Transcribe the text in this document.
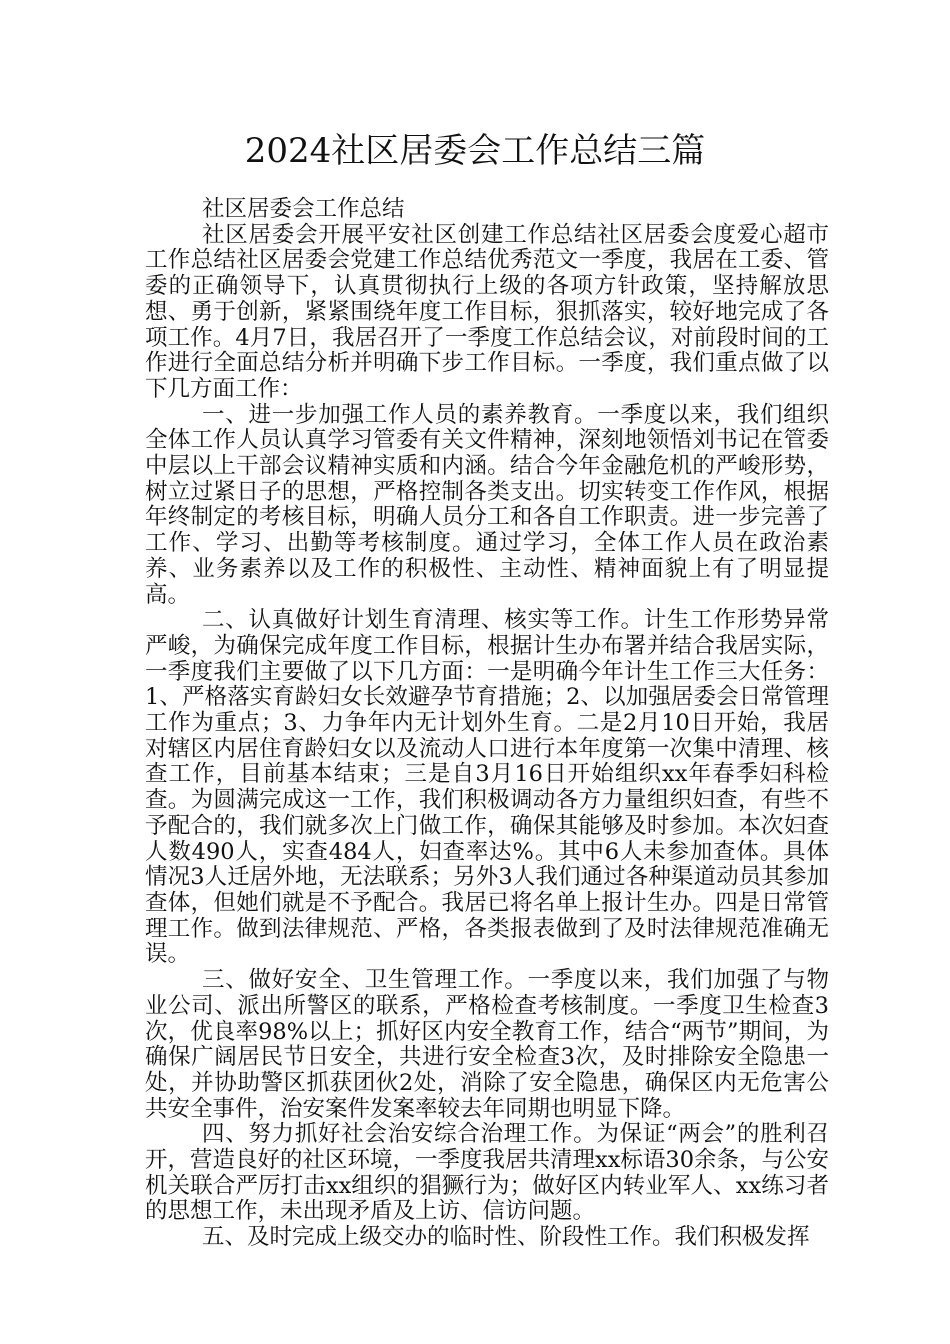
2024社区居委会工作总结三篇

社区居委会工作总结

社区居委会开展平安社区创建工作总结社区居委会度爱心超市工作总结社区居委会党建工作总结优秀范文一季度，我居在工委、管委的正确领导下，认真贯彻执行上级的各项方针政策，坚持解放思想、勇于创新，紧紧围绕年度工作目标，狠抓落实，较好地完成了各项工作。4月7日，我居召开了一季度工作总结会议，对前段时间的工作进行全面总结分析并明确下步工作目标。一季度，我们重点做了以下几方面工作：

一、进一步加强工作人员的素养教育。一季度以来，我们组织全体工作人员认真学习管委有关文件精神，深刻地领悟刘书记在管委中层以上干部会议精神实质和内涵。结合今年金融危机的严峻形势，树立过紧日子的思想，严格控制各类支出。切实转变工作作风，根据年终制定的考核目标，明确人员分工和各自工作职责。进一步完善了工作、学习、出勤等考核制度。通过学习，全体工作人员在政治素养、业务素养以及工作的积极性、主动性、精神面貌上有了明显提高。

二、认真做好计划生育清理、核实等工作。计生工作形势异常严峻，为确保完成年度工作目标，根据计生办布署并结合我居实际，一季度我们主要做了以下几方面：一是明确今年计生工作三大任务：1、严格落实育龄妇女长效避孕节育措施；2、以加强居委会日常管理工作为重点；3、力争年内无计划外生育。二是2月10日开始，我居对辖区内居住育龄妇女以及流动人口进行本年度第一次集中清理、核查工作，目前基本结束；三是自3月16日开始组织xx年春季妇科检查。为圆满完成这一工作，我们积极调动各方力量组织妇查，有些不予配合的，我们就多次上门做工作，确保其能够及时参加。本次妇查人数490人，实查484人，妇查率达%。其中6人未参加查体。具体情况3人迁居外地，无法联系；另外3人我们通过各种渠道动员其参加查体，但她们就是不予配合。我居已将名单上报计生办。四是日常管理工作。做到法律规范、严格，各类报表做到了及时法律规范准确无误。

三、做好安全、卫生管理工作。一季度以来，我们加强了与物业公司、派出所警区的联系，严格检查考核制度。一季度卫生检查3次，优良率98%以上；抓好区内安全教育工作，结合“两节”期间，为确保广阔居民节日安全，共进行安全检查3次，及时排除安全隐患一处，并协助警区抓获团伙2处，消除了安全隐患，确保区内无危害公共安全事件，治安案件发案率较去年同期也明显下降。

四、努力抓好社会治安综合治理工作。为保证“两会”的胜利召开，营造良好的社区环境，一季度我居共清理xx标语30余条，与公安机关联合严厉打击xx组织的猖獗行为；做好区内转业军人、xx练习者的思想工作，未出现矛盾及上访、信访问题。

五、及时完成上级交办的临时性、阶段性工作。我们积极发挥
